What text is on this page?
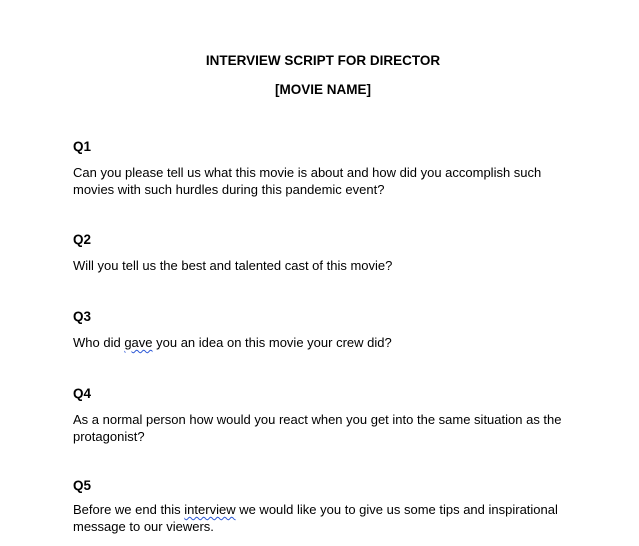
INTERVIEW SCRIPT FOR DIRECTOR
[MOVIE NAME]

Q1

Can you please tell us what this movie is about and how did you accomplish such movies with such hurdles during this pandemic event?

Q2

Will you tell us the best and talented cast of this movie?

Q3

Who did gave you an idea on this movie your crew did?

Q4

As a normal person how would you react when you get into the same situation as the protagonist?

Q5

Before we end this interview we would like you to give us some tips and inspirational message to our viewers.
